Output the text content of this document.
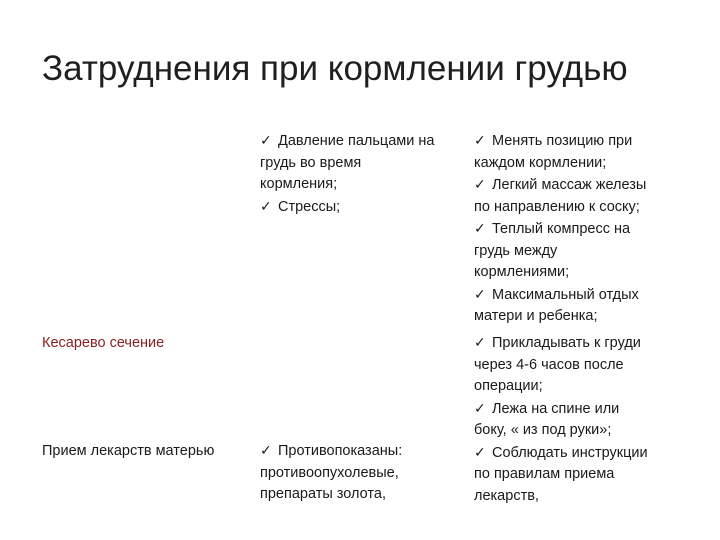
Затруднения при кормлении грудью
✓ Давление пальцами на
грудь во время
кормления;
✓ Стрессы;
✓ Менять позицию при
каждом кормлении;
✓ Легкий массаж железы
по направлению к соску;
✓ Теплый компресс на
грудь между
кормлениями;
✓ Максимальный отдых
матери и ребенка;
Кесарево сечение	✓ Прикладывать к груди
через 4-6 часов после
операции;
✓ Лежа на спине или
боку, « из под руки»;
✓ Соблюдать инструкции
по правилам приема
лекарств,
Прием лекарств матерью	✓ Противопоказаны:
противоопухолевые,
препараты золота,
